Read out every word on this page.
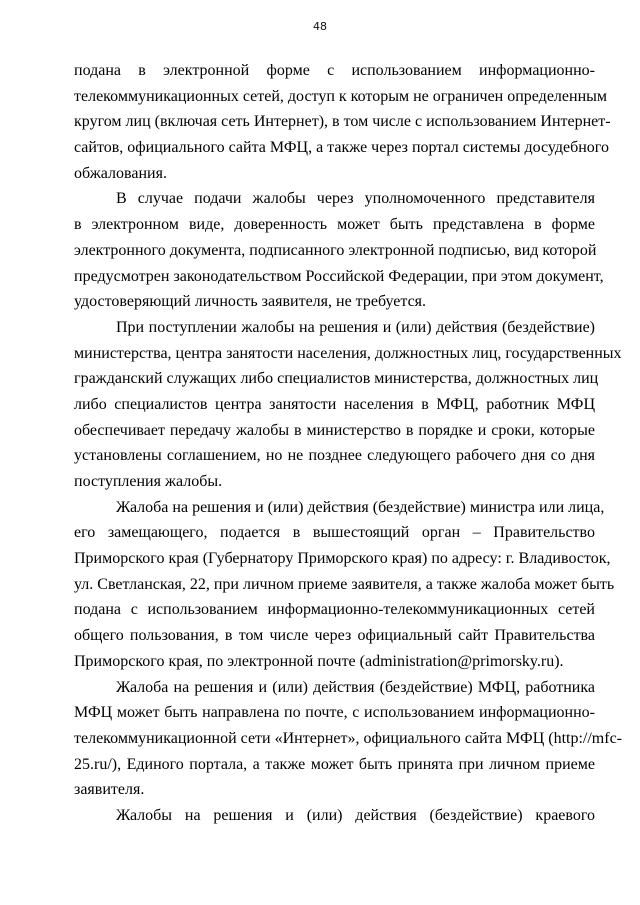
48
подана в электронной форме с использованием информационно-
телекоммуникационных сетей, доступ к которым не ограничен определенным
кругом лиц (включая сеть Интернет), в том числе с использованием Интернет-
сайтов, официального сайта МФЦ, а также через портал системы досудебного
обжалования.
В случае подачи жалобы через уполномоченного представителя
в электронном виде, доверенность может быть представлена в форме
электронного документа, подписанного электронной подписью, вид которой
предусмотрен законодательством Российской Федерации, при этом документ,
удостоверяющий личность заявителя, не требуется.
При поступлении жалобы на решения и (или) действия (бездействие)
министерства, центра занятости населения, должностных лиц, государственных
гражданский служащих либо специалистов министерства, должностных лиц
либо специалистов центра занятости населения в МФЦ, работник МФЦ
обеспечивает передачу жалобы в министерство в порядке и сроки, которые
установлены соглашением, но не позднее следующего рабочего дня со дня
поступления жалобы.
Жалоба на решения и (или) действия (бездействие) министра или лица,
его замещающего, подается в вышестоящий орган – Правительство
Приморского края (Губернатору Приморского края) по адресу: г. Владивосток,
ул. Светланская, 22, при личном приеме заявителя, а также жалоба может быть
подана с использованием информационно-телекоммуникационных сетей
общего пользования, в том числе через официальный сайт Правительства
Приморского края, по электронной почте (administration@primorsky.ru).
Жалоба на решения и (или) действия (бездействие) МФЦ, работника
МФЦ может быть направлена по почте, с использованием информационно-
телекоммуникационной сети «Интернет», официального сайта МФЦ (http://mfc-
25.ru/), Единого портала, а также может быть принята при личном приеме
заявителя.
Жалобы на решения и (или) действия (бездействие) краевого
